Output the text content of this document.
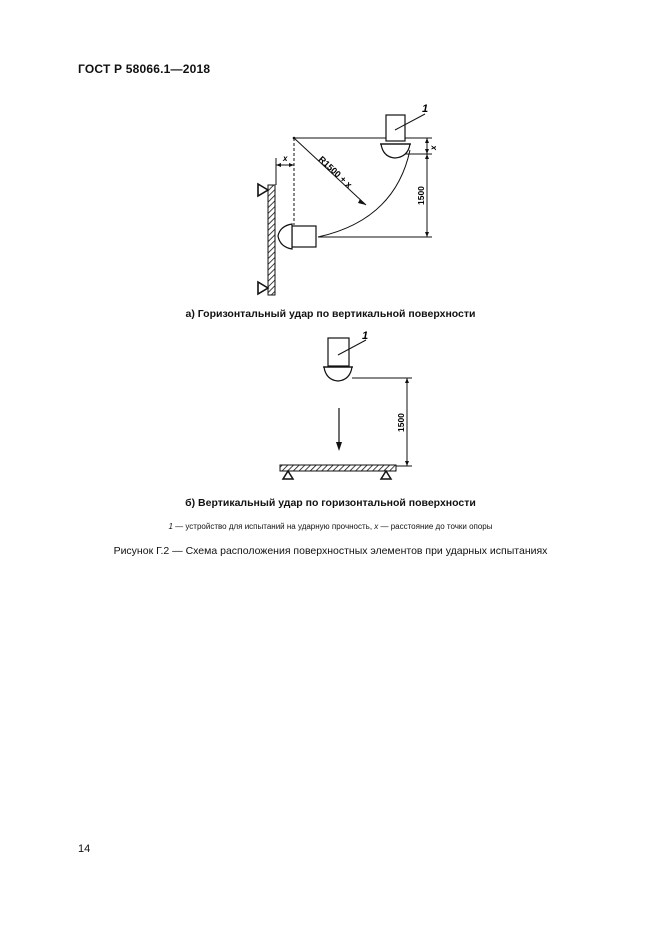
ГОСТ Р 58066.1—2018
x	R1500 + x
1
x
1500
а) Горизонтальный удар по вертикальной поверхности
1
1500
б) Вертикальный удар по горизонтальной поверхности
1 — устройство для испытаний на ударную прочность, x — расстояние до точки опоры
Рисунок Г.2 — Схема расположения поверхностных элементов при ударных испытаниях
14
